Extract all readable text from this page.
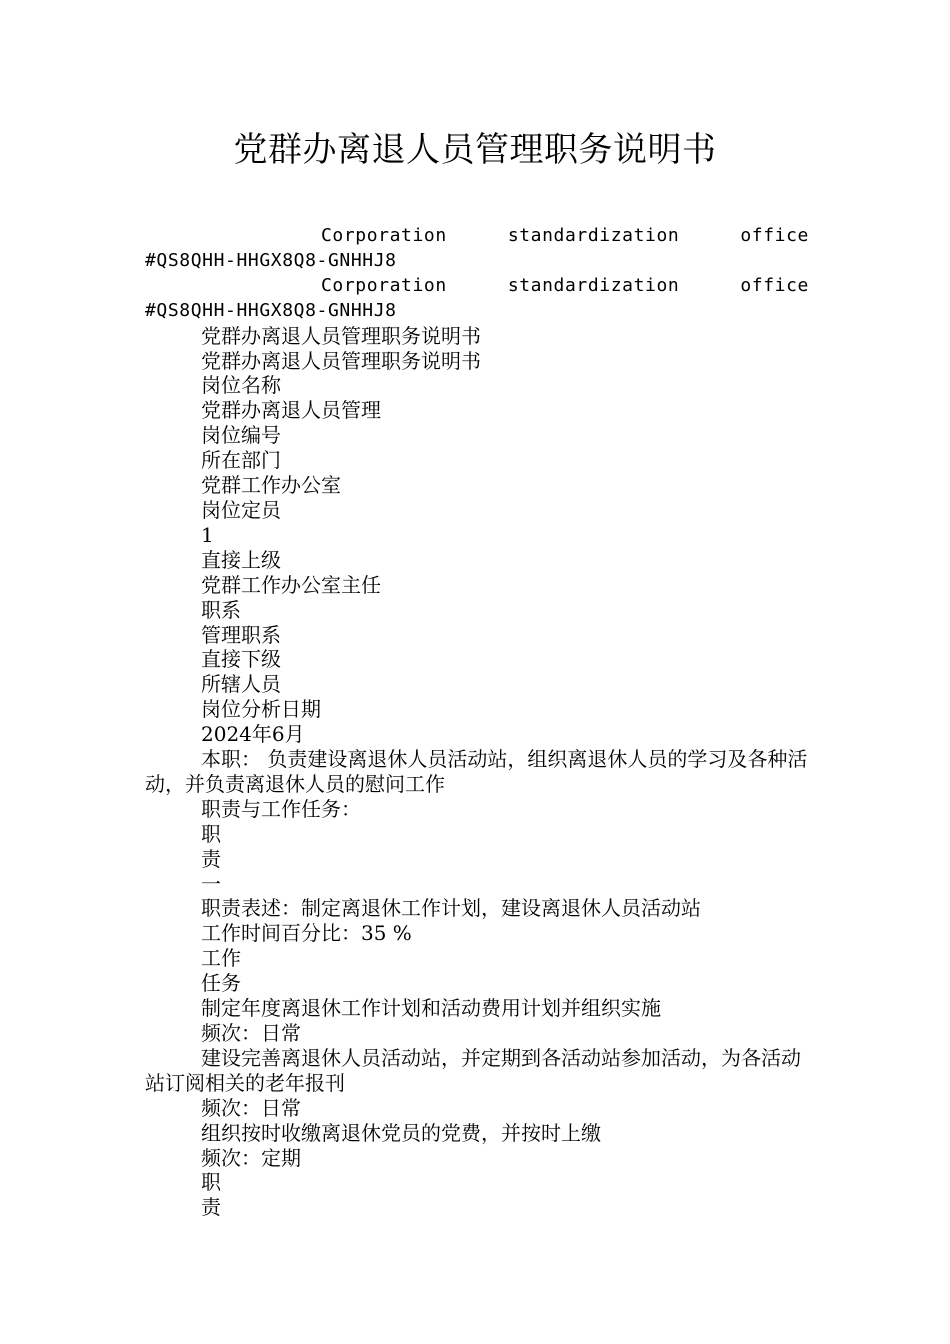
党群办离退人员管理职务说明书

Corporation standardization office #QS8QHH-HHGX8Q8-GNHHJ8

Corporation standardization office #QS8QHH-HHGX8Q8-GNHHJ8

党群办离退人员管理职务说明书

党群办离退人员管理职务说明书

岗位名称

党群办离退人员管理

岗位编号

所在部门

党群工作办公室

岗位定员

1

直接上级

党群工作办公室主任

职系

管理职系

直接下级

所辖人员

岗位分析日期

2024年6月

本职： 负责建设离退休人员活动站，组织离退休人员的学习及各种活动，并负责离退休人员的慰问工作

职责与工作任务：

职

责

一

职责表述：制定离退休工作计划，建设离退休人员活动站

工作时间百分比：35 %

工作

任务

制定年度离退休工作计划和活动费用计划并组织实施

频次：日常

建设完善离退休人员活动站，并定期到各活动站参加活动，为各活动站订阅相关的老年报刊

频次：日常

组织按时收缴离退休党员的党费，并按时上缴

频次：定期

职

责
